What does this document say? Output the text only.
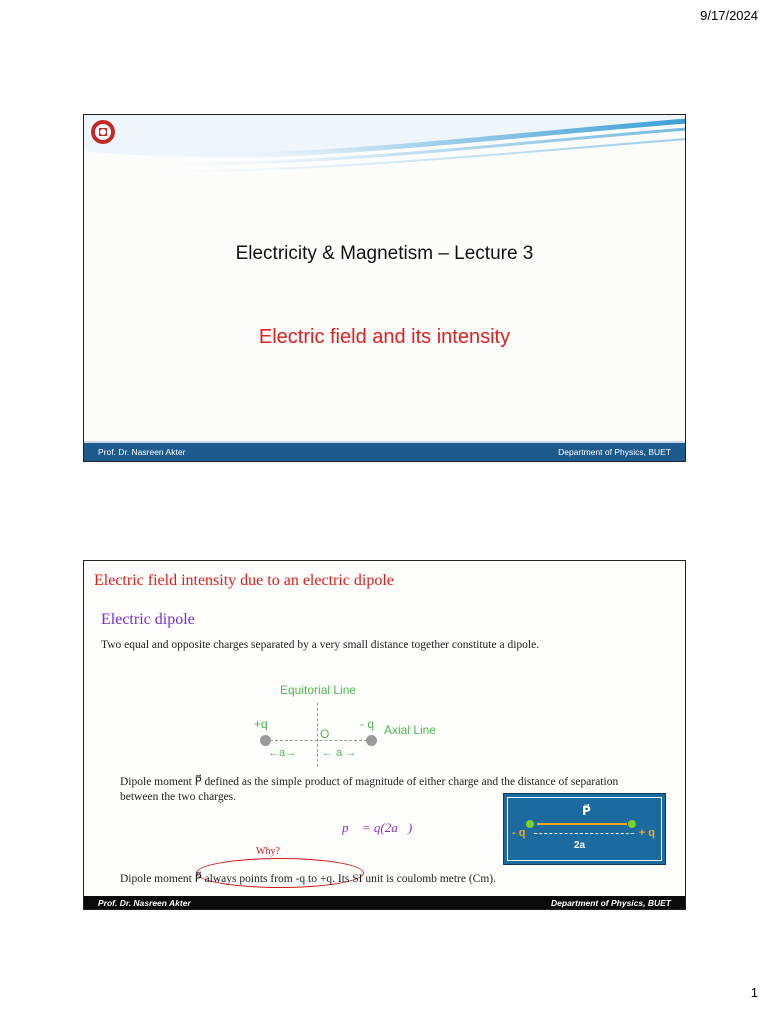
9/17/2024
Electricity & Magnetism – Lecture 3
Electric field and its intensity
Prof. Dr. Nasreen Akter	Department of Physics, BUET
Electric field intensity due to an electric dipole
Electric dipole
Two equal and opposite charges separated by a very small distance together constitute a dipole.
Equitorial Line
+q	- q
O	Axial Line
←a→ ← a →
Dipole moment P⃗ defined as the simple product of magnitude of either charge and the distance of separation between the two charges.
p⃗ = q(2a⃗)
P⃗
- q	+ q
2a
Why?
Dipole moment P⃗ always points from -q to +q. Its SI unit is coulomb metre (Cm).
Prof. Dr. Nasreen Akter	Department of Physics, BUET
1
